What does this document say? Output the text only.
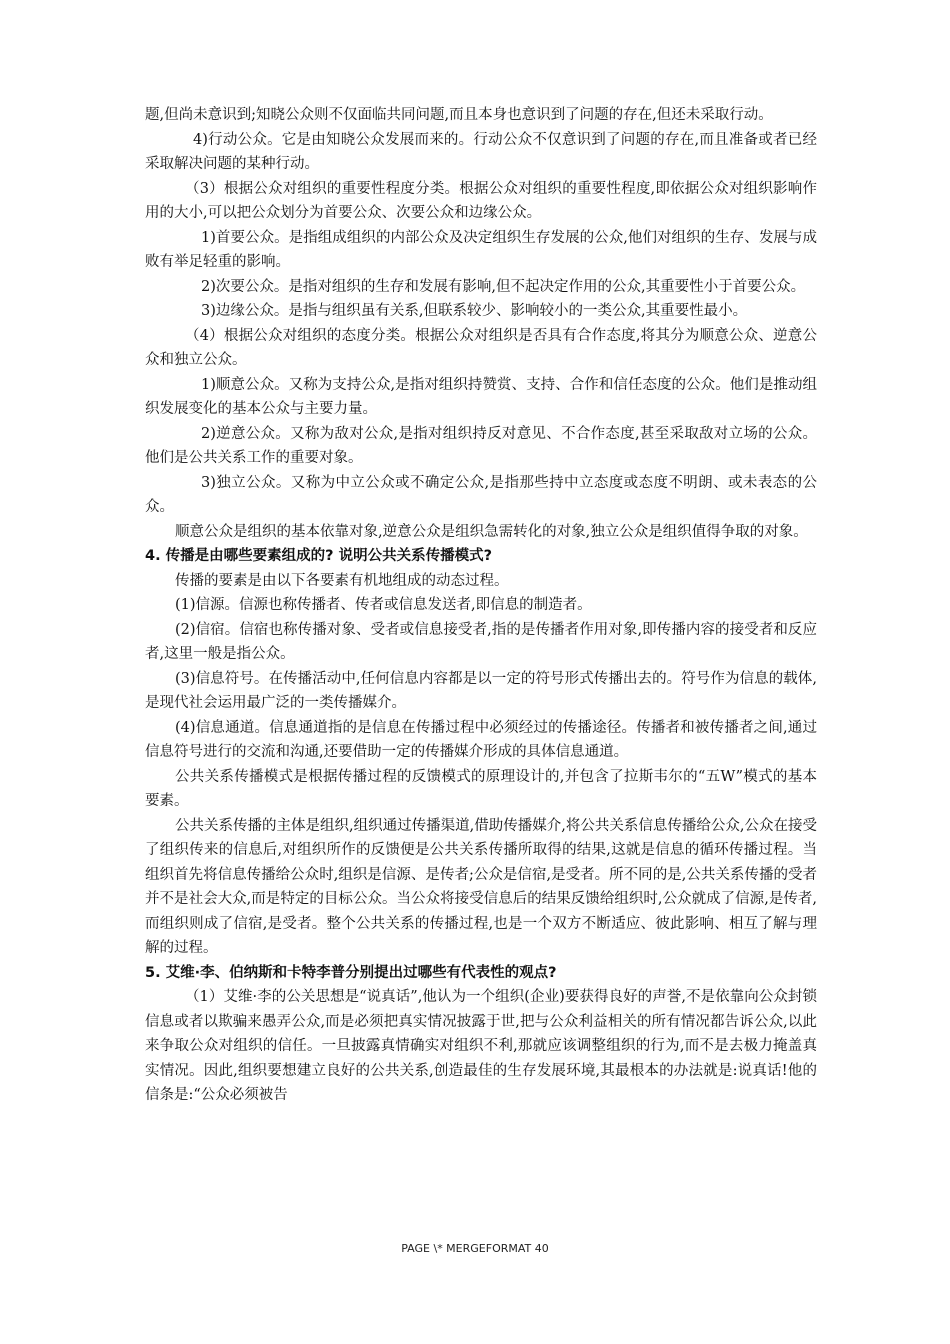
题,但尚未意识到;知晓公众则不仅面临共同问题,而且本身也意识到了问题的存在,但还未采取行动。

4)行动公众。它是由知晓公众发展而来的。行动公众不仅意识到了问题的存在,而且准备或者已经采取解决问题的某种行动。

（3）根据公众对组织的重要性程度分类。根据公众对组织的重要性程度,即依据公众对组织影响作用的大小,可以把公众划分为首要公众、次要公众和边缘公众。

1)首要公众。是指组成组织的内部公众及决定组织生存发展的公众,他们对组织的生存、发展与成败有举足轻重的影响。

2)次要公众。是指对组织的生存和发展有影响,但不起决定作用的公众,其重要性小于首要公众。

3)边缘公众。是指与组织虽有关系,但联系较少、影响较小的一类公众,其重要性最小。

（4）根据公众对组织的态度分类。根据公众对组织是否具有合作态度,将其分为顺意公众、逆意公众和独立公众。

1)顺意公众。又称为支持公众,是指对组织持赞赏、支持、合作和信任态度的公众。他们是推动组织发展变化的基本公众与主要力量。

2)逆意公众。又称为敌对公众,是指对组织持反对意见、不合作态度,甚至采取敌对立场的公众。他们是公共关系工作的重要对象。

3)独立公众。又称为中立公众或不确定公众,是指那些持中立态度或态度不明朗、或未表态的公众。

顺意公众是组织的基本依靠对象,逆意公众是组织急需转化的对象,独立公众是组织值得争取的对象。

4. 传播是由哪些要素组成的? 说明公共关系传播模式?

传播的要素是由以下各要素有机地组成的动态过程。

(1)信源。信源也称传播者、传者或信息发送者,即信息的制造者。

(2)信宿。信宿也称传播对象、受者或信息接受者,指的是传播者作用对象,即传播内容的接受者和反应者,这里一般是指公众。

(3)信息符号。在传播活动中,任何信息内容都是以一定的符号形式传播出去的。符号作为信息的载体,是现代社会运用最广泛的一类传播媒介。

(4)信息通道。信息通道指的是信息在传播过程中必须经过的传播途径。传播者和被传播者之间,通过信息符号进行的交流和沟通,还要借助一定的传播媒介形成的具体信息通道。

公共关系传播模式是根据传播过程的反馈模式的原理设计的,并包含了拉斯韦尔的“五W”模式的基本要素。

公共关系传播的主体是组织,组织通过传播渠道,借助传播媒介,将公共关系信息传播给公众,公众在接受了组织传来的信息后,对组织所作的反馈便是公共关系传播所取得的结果,这就是信息的循环传播过程。当组织首先将信息传播给公众时,组织是信源、是传者;公众是信宿,是受者。所不同的是,公共关系传播的受者并不是社会大众,而是特定的目标公众。当公众将接受信息后的结果反馈给组织时,公众就成了信源,是传者,而组织则成了信宿,是受者。整个公共关系的传播过程,也是一个双方不断适应、彼此影响、相互了解与理解的过程。

5. 艾维·李、伯纳斯和卡特李普分别提出过哪些有代表性的观点?

（1）艾维·李的公关思想是“说真话”,他认为一个组织(企业)要获得良好的声誉,不是依靠向公众封锁信息或者以欺骗来愚弄公众,而是必须把真实情况披露于世,把与公众利益相关的所有情况都告诉公众,以此来争取公众对组织的信任。一旦披露真情确实对组织不利,那就应该调整组织的行为,而不是去极力掩盖真实情况。因此,组织要想建立良好的公共关系,创造最佳的生存发展环境,其最根本的办法就是:说真话!他的信条是:“公众必须被告

PAGE \* MERGEFORMAT 40
